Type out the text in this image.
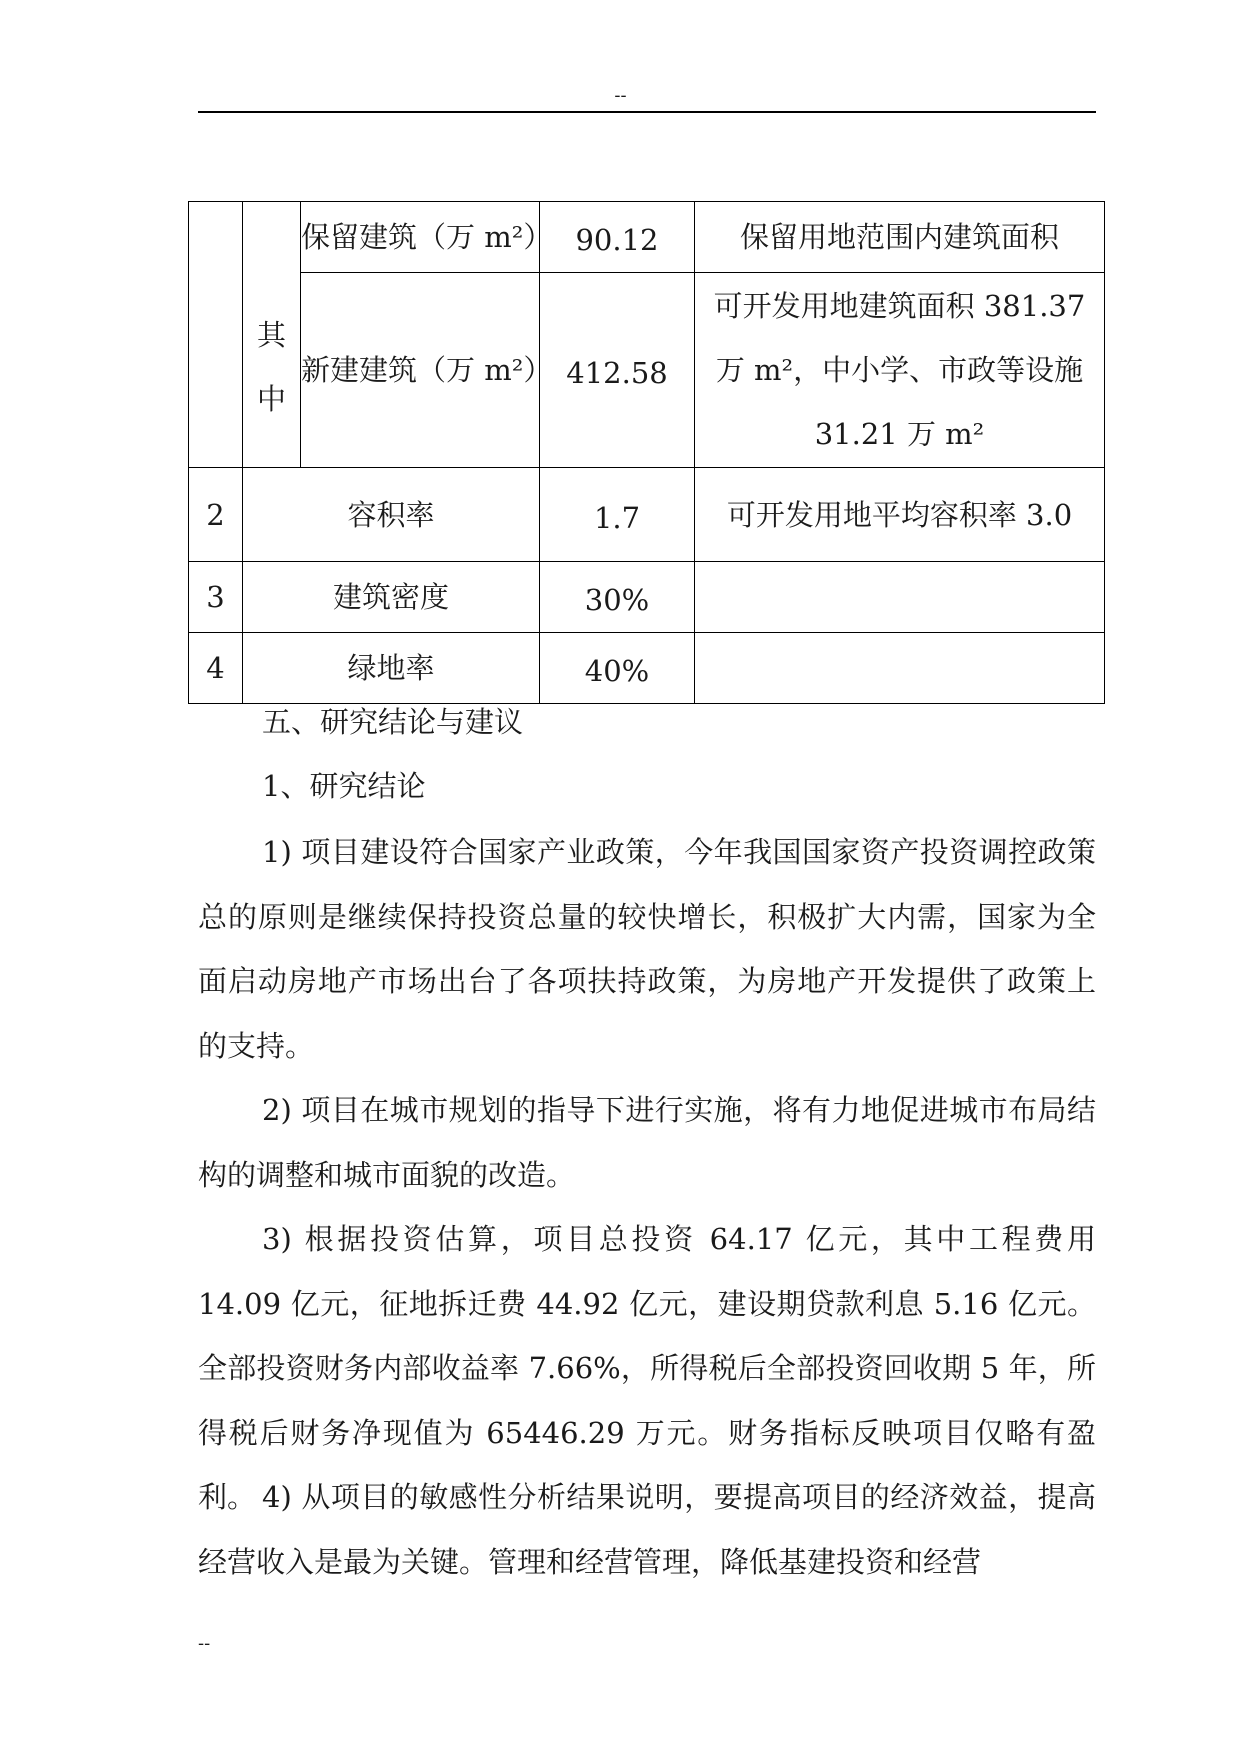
--

	其
中	保留建筑（万 m²）	90.12	保留用地范围内建筑面积
		新建建筑（万 m²）	412.58	可开发用地建筑面积 381.37
万 m²，中小学、市政等设施
31.21 万 m²

2	容积率		1.7	可开发用地平均容积率 3.0
3	建筑密度		30%	
4	绿地率		40%	
五、研究结论与建议
1、研究结论
1) 项目建设符合国家产业政策，今年我国国家资产投资调控政策总的原则是继续保持投资总量的较快增长，积极扩大内需，国家为全面启动房地产市场出台了各项扶持政策，为房地产开发提供了政策上的支持。
2) 项目在城市规划的指导下进行实施，将有力地促进城市布局结构的调整和城市面貌的改造。
3) 根据投资估算，项目总投资 64.17 亿元，其中工程费用 14.09 亿元，征地拆迁费 44.92 亿元，建设期贷款利息 5.16 亿元。全部投资财务内部收益率 7.66%，所得税后全部投资回收期 5 年，所得税后财务净现值为 65446.29 万元。财务指标反映项目仅略有盈利。 4) 从项目的敏感性分析结果说明，要提高项目的经济效益，提高经营收入是最为关键。管理和经营管理，降低基建投资和经营
--
